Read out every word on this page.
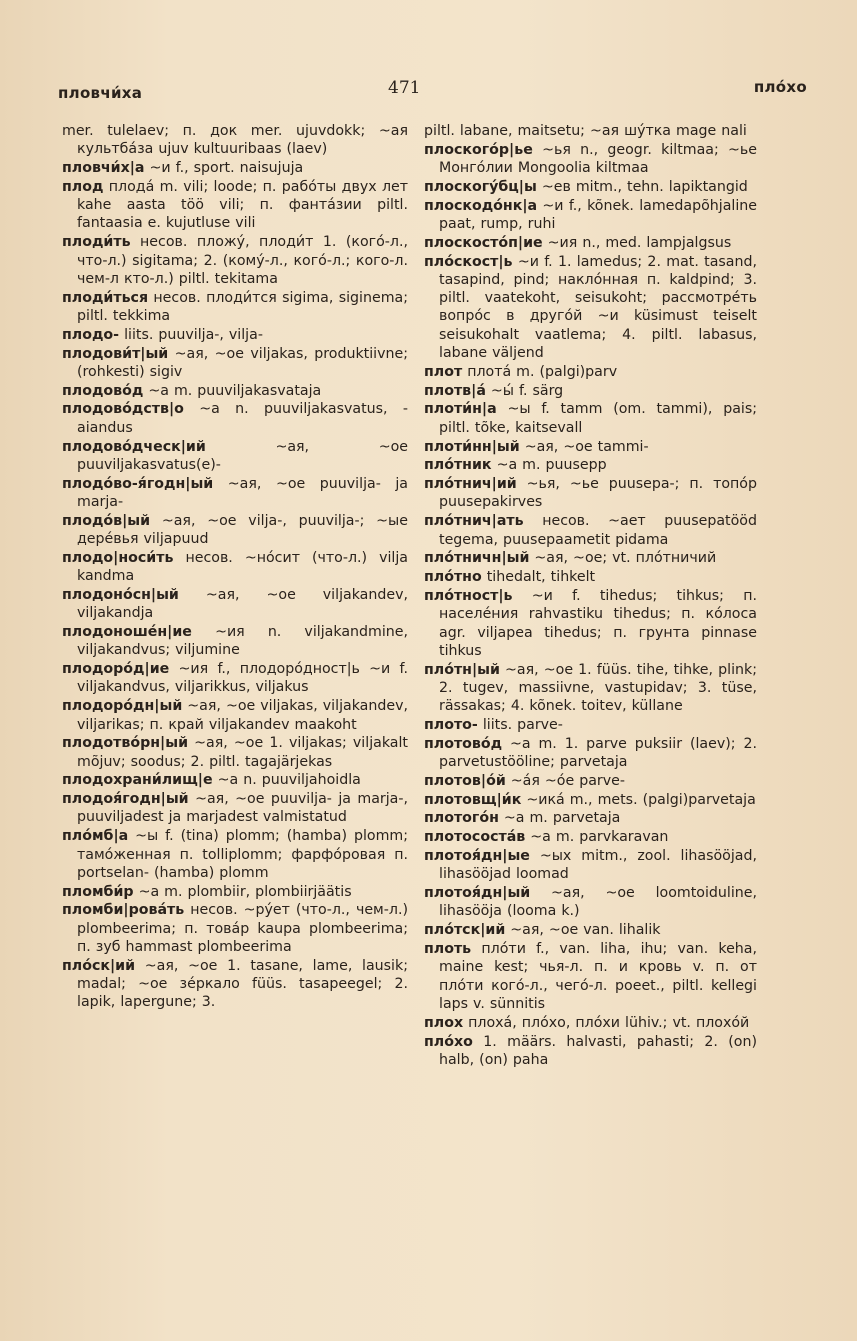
пловчи́ха	471	пло́хо

mer. tulelaev; п. док mer. ujuvdokk; ~ая культба́за ujuv kultuuribaas (laev)

пловчи́х|а ~и f., sport. naisujuja

плод плода́ m. vili; loode; п. рабо́ты двух лет kahe aasta töö vili; п. фанта́зии piltl. fantaasia e. kujutluse vili

плоди́ть несов. пложу́, плоди́т 1. (кого́-л., что-л.) sigitama; 2. (кому́-л., кого́-л.; кого-л. чем-л кто-л.) piltl. tekitama

плоди́ться несов. плоди́тся sigima, siginema; piltl. tekkima

плодо- liits. puuvilja-, vilja-

плодови́т|ый ~ая, ~ое viljakas, produktiivne; (rohkesti) sigiv

плодово́д ~а m. puuviljakasvataja

плодово́дств|о ~а n. puuviljakasvatus, -aiandus

плодово́дческ|ий	~ая, ~ое puuviljakasvatus(e)-

плодо́во-я́годн|ый ~ая, ~ое puuvilja- ja marja-

плодо́в|ый ~ая, ~ое vilja-, puuvilja-; ~ые дере́вья viljapuud

плодо|носи́ть несов. ~но́сит (что-л.) vilja kandma

плодоно́сн|ый ~ая, ~ое viljakandev, viljakandja

плодоноше́н|ие ~ия n. viljakandmine, viljakandvus; viljumine

плодоро́д|ие ~ия f., плодоро́дност|ь ~и f. viljakandvus, viljarikkus, viljakus

плодоро́дн|ый ~ая, ~ое viljakas, viljakandev, viljarikas; п. край viljakandev maakoht

плодотво́рн|ый ~ая, ~ое 1. viljakas; viljakalt mõjuv; soodus; 2. piltl. tagajärjekas

плодохрани́лищ|е ~а n. puuviljahoidla

плодоя́годн|ый ~ая, ~ое puuvilja- ja marja-, puuviljadest ja marjadest valmistatud

пло́мб|а ~ы f. (tina) plomm; (hamba) plomm; тамо́женная п. tolliplomm; фарфо́ровая п. portselan- (hamba) plomm

пломби́р ~а m. plombiir, plombiirjäätis

пломби|рова́ть несов. ~ру́ет (что-л., чем-л.) plombeerima; п. това́р kaupa plombeerima; п. зуб hammast plombeerima

пло́ск|ий ~ая, ~ое 1. tasane, lame, lausik; madal; ~ое зе́ркало füüs. tasapeegel; 2. lapik, lapergune; 3.

piltl. labane, maitsetu; ~ая шу́тка mage nali

плоского́р|ье ~ья n., geogr. kiltmaa; ~ье Монго́лии Mongoolia kiltmaa

плоскогу́бц|ы ~ев mitm., tehn. lapiktangid

плоскодо́нк|а ~и f., kõnek. lamedapõhjaline paat, rump, ruhi

плоскосто́п|ие ~ия n., med. lampjalgsus

пло́скост|ь ~и f. 1. lamedus; 2. mat. tasand, tasapind, pind; накло́нная п. kaldpind; 3. piltl. vaatekoht, seisukoht; рассмотре́ть вопро́с в друго́й ~и küsimust teiselt seisukohalt vaatlema; 4. piltl. labasus, labane väljend

плот плота́ m. (palgi)parv

плотв|а́ ~ы́ f. särg

плоти́н|а ~ы f. tamm (om. tammi), pais; piltl. tõke, kaitsevall

плоти́нн|ый ~ая, ~ое tammi-

пло́тник ~а m. puusepp

пло́тнич|ий ~ья, ~ье puusepa-; п. топо́р puusepakirves

пло́тнич|ать несов. ~ает puusepatööd tegema, puusepaametit pidama

пло́тничн|ый ~ая, ~ое; vt. пло́тничий

пло́тно tihedalt, tihkelt

пло́тност|ь ~и f. tihedus; tihkus; п. населе́ния rahvastiku tihedus; п. ко́лоса agr. viljapea tihedus; п. грунта pinnase tihkus

пло́тн|ый ~ая, ~ое 1. füüs. tihe, tihke, plink; 2. tugev, massiivne, vastupidav; 3. tüse, rässakas; 4. kõnek. toitev, küllane

плото- liits. parve-

плотово́д ~а m. 1. parve puksiir (laev); 2. parvetustööline; parvetaja

плотов|о́й ~а́я ~о́е parve-

плотовщ|и́к ~ика́ m., mets. (palgi)parvetaja

плотого́н ~а m. parvetaja

плотососта́в ~а m. parvkaravan

плотоя́дн|ые ~ых mitm., zool. lihasööjad, lihasööjad loomad

плотоя́дн|ый ~ая, ~ое loomtoiduline, lihasööja (looma k.)

пло́тск|ий ~ая, ~ое van. lihalik

плоть пло́ти f., van. liha, ihu; van. keha, maine kest; чья-л. п. и кровь v. п. от пло́ти кого́-л., чего́-л. poeet., piltl. kellegi laps v. sünnitis

плох плоха́, пло́хо, пло́хи lühiv.; vt. плохо́й

пло́хо 1. määrs. halvasti, pahasti; 2. (on) halb, (on) paha
